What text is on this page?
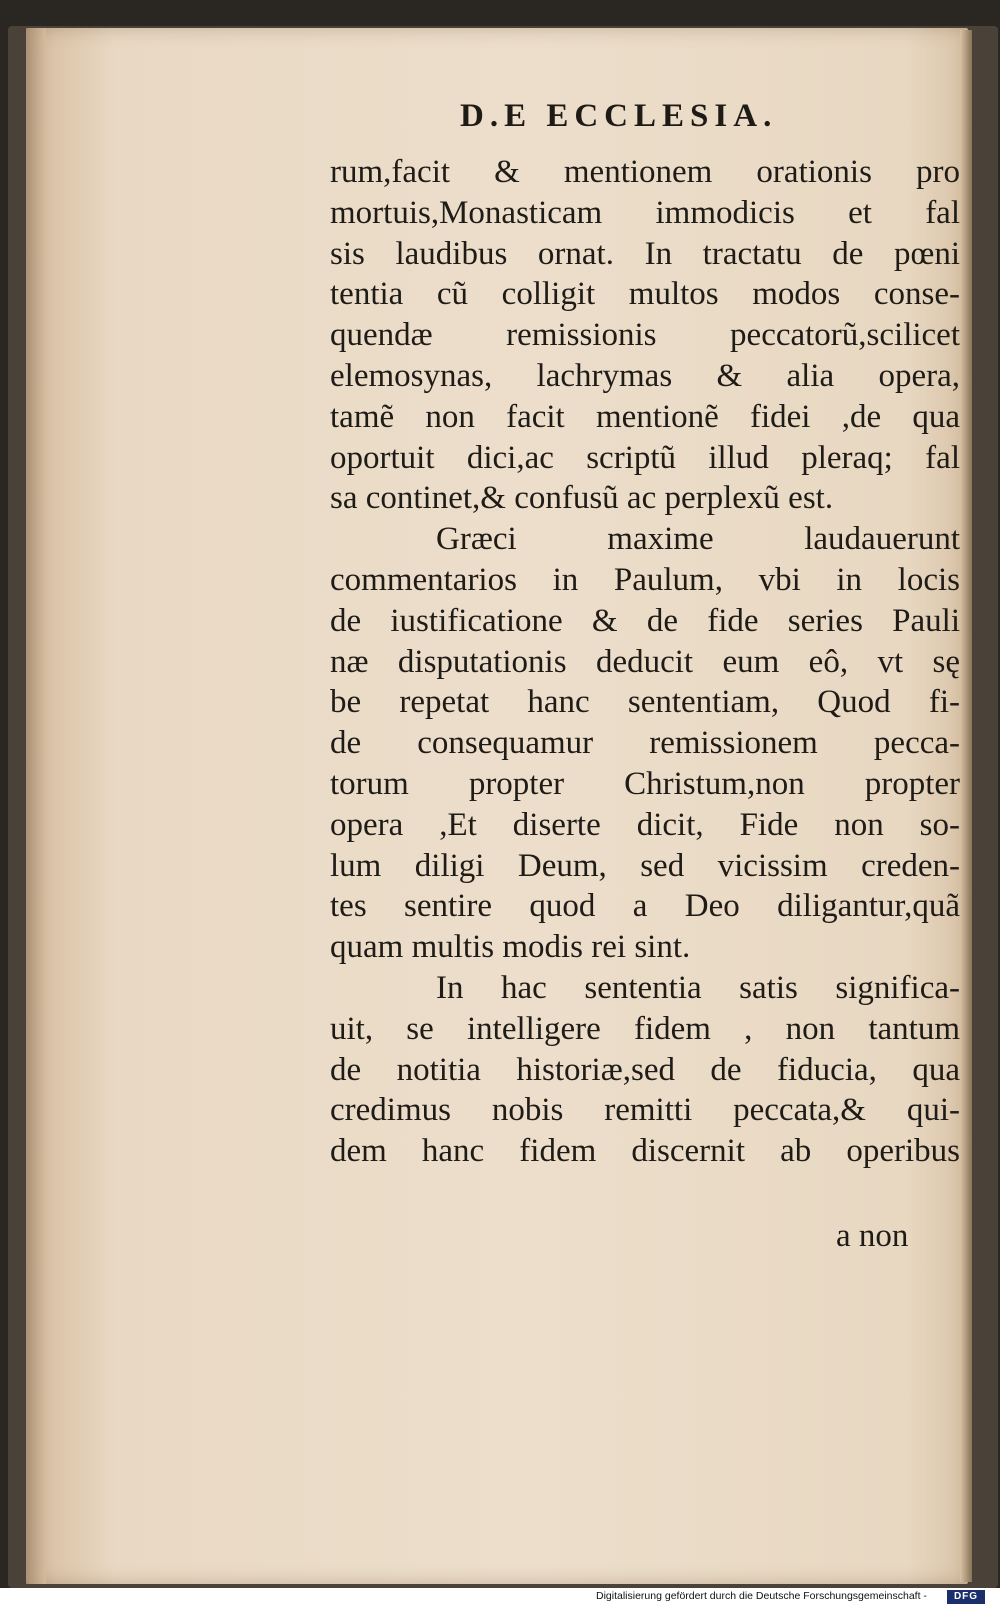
D.E ECCLESIA.
rum,facit & mentionem orationis pro
mortuis,Monasticam immodicis et fal
sis laudibus ornat. In tractatu de pœni
tentia cũ colligit multos modos conse-
quendæ remissionis peccatorũ,scilicet
elemosynas, lachrymas & alia opera,
tamẽ non facit mentionẽ fidei ,de qua
oportuit dici,ac scriptũ illud pleraq; fal
sa continet,& confusũ ac perplexũ est.
Græci maxime laudauerunt
commentarios in Paulum, vbi in locis
de iustificatione & de fide series Pauli
næ disputationis deducit eum eô, vt sę
be repetat hanc sententiam, Quod fi-
de consequamur remissionem pecca-
torum propter Christum,non propter
opera ,Et diserte dicit, Fide non so-
lum diligi Deum, sed vicissim creden-
tes sentire quod a Deo diligantur,quã
quam multis modis rei sint.
In hac sententia satis significa-
uit, se intelligere fidem , non tantum
de notitia historiæ,sed de fiducia, qua
credimus nobis remitti peccata,& qui-
dem hanc fidem discernit ab operibus
a non
Digitalisierung gefördert durch die Deutsche Forschungsgemeinschaft -	DFG
